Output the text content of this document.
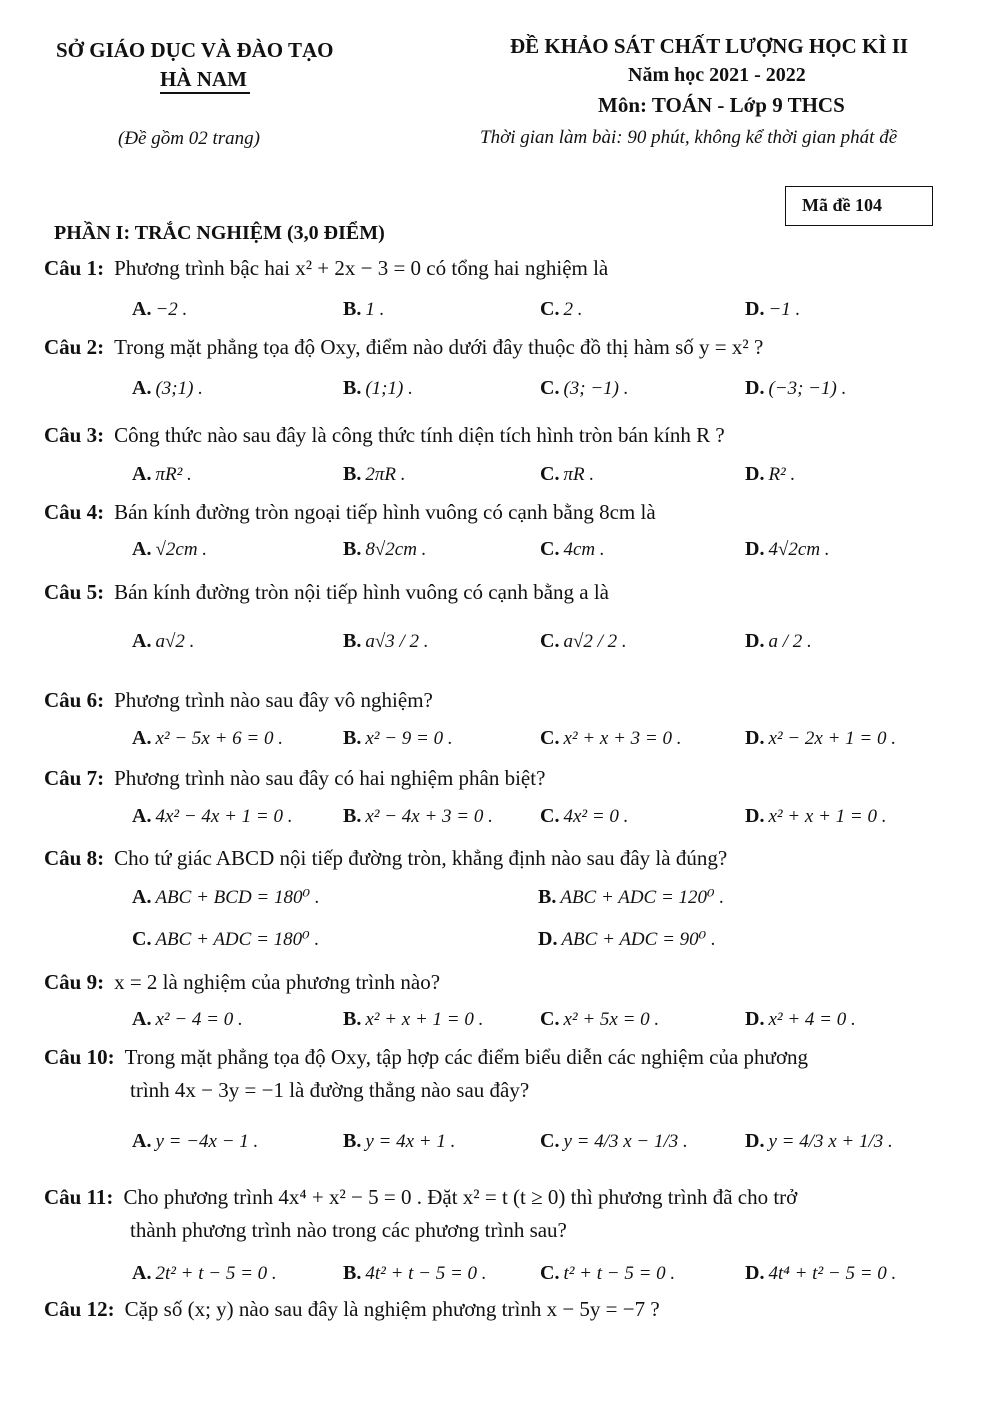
SỞ GIÁO DỤC VÀ ĐÀO TẠO
HÀ NAM
(Đề gồm 02 trang)
ĐỀ KHẢO SÁT CHẤT LƯỢNG HỌC KÌ II
Năm học 2021 - 2022
Môn: TOÁN - Lớp 9 THCS
Thời gian làm bài: 90 phút, không kể thời gian phát đề
Mã đề 104
PHẦN I: TRẮC NGHIỆM (3,0 ĐIỂM)
Câu 1: Phương trình bậc hai x² + 2x − 3 = 0 có tổng hai nghiệm là
A. −2 .	B. 1 .	C. 2 .	D. −1 .
Câu 2: Trong mặt phẳng tọa độ Oxy, điểm nào dưới đây thuộc đồ thị hàm số y = x² ?
A. (3;1) .	B. (1;1) .	C. (3; −1) .	D. (−3; −1) .
Câu 3: Công thức nào sau đây là công thức tính diện tích hình tròn bán kính R ?
A. πR² .	B. 2πR .	C. πR .	D. R² .
Câu 4: Bán kính đường tròn ngoại tiếp hình vuông có cạnh bằng 8cm là
A. √2cm .	B. 8√2cm .	C. 4cm .	D. 4√2cm .
Câu 5: Bán kính đường tròn nội tiếp hình vuông có cạnh bằng a là
A. a√2 .	B. a√3 / 2 .	C. a√2 / 2 .	D. a / 2 .
Câu 6: Phương trình nào sau đây vô nghiệm?
A. x² − 5x + 6 = 0 .	B. x² − 9 = 0 .	C. x² + x + 3 = 0 .	D. x² − 2x + 1 = 0 .
Câu 7: Phương trình nào sau đây có hai nghiệm phân biệt?
A. 4x² − 4x + 1 = 0 .	B. x² − 4x + 3 = 0 . C. 4x² = 0 .	D. x² + x + 1 = 0 .
Câu 8: Cho tứ giác ABCD nội tiếp đường tròn, khẳng định nào sau đây là đúng?
A. ABC + BCD = 180⁰ .	B. ABC + ADC = 120⁰ .
C. ABC + ADC = 180⁰ .	D. ABC + ADC = 90⁰ .
Câu 9: x = 2 là nghiệm của phương trình nào?
A. x² − 4 = 0 .	B. x² + x + 1 = 0 .	C. x² + 5x = 0 .	D. x² + 4 = 0 .
Câu 10: Trong mặt phẳng tọa độ Oxy, tập hợp các điểm biểu diễn các nghiệm của phương
trình 4x − 3y = −1 là đường thẳng nào sau đây?
A. y = −4x − 1 .	B. y = 4x + 1 .	C. y = 4/3 x − 1/3 .	D. y = 4/3 x + 1/3 .
Câu 11: Cho phương trình 4x⁴ + x² − 5 = 0 . Đặt x² = t (t ≥ 0) thì phương trình đã cho trở
thành phương trình nào trong các phương trình sau?
A. 2t² + t − 5 = 0 .	B. 4t² + t − 5 = 0 .	C. t² + t − 5 = 0 .	D. 4t⁴ + t² − 5 = 0 .
Câu 12: Cặp số (x; y) nào sau đây là nghiệm phương trình x − 5y = −7 ?
